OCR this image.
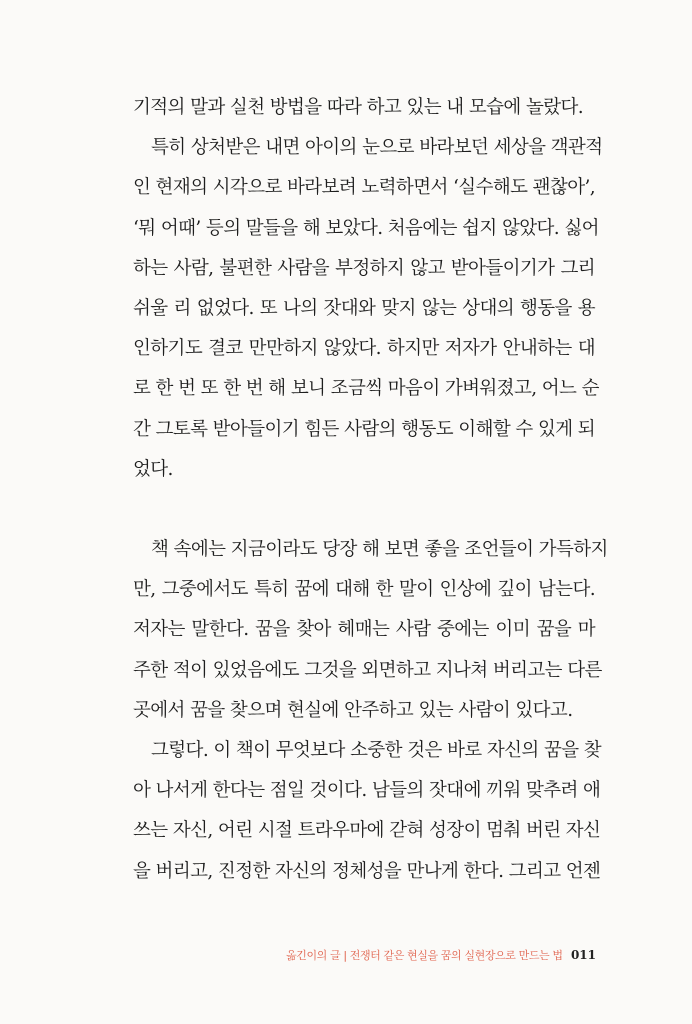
기적의 말과 실천 방법을 따라 하고 있는 내 모습에 놀랐다.
특히 상처받은 내면 아이의 눈으로 바라보던 세상을 객관적
인 현재의 시각으로 바라보려 노력하면서 ‘실수해도 괜찮아’,
‘뭐 어때’ 등의 말들을 해 보았다. 처음에는 쉽지 않았다. 싫어
하는 사람, 불편한 사람을 부정하지 않고 받아들이기가 그리
쉬울 리 없었다. 또 나의 잣대와 맞지 않는 상대의 행동을 용
인하기도 결코 만만하지 않았다. 하지만 저자가 안내하는 대
로 한 번 또 한 번 해 보니 조금씩 마음이 가벼워졌고, 어느 순
간 그토록 받아들이기 힘든 사람의 행동도 이해할 수 있게 되
었다.
책 속에는 지금이라도 당장 해 보면 좋을 조언들이 가득하지
만, 그중에서도 특히 꿈에 대해 한 말이 인상에 깊이 남는다.
저자는 말한다. 꿈을 찾아 헤매는 사람 중에는 이미 꿈을 마
주한 적이 있었음에도 그것을 외면하고 지나쳐 버리고는 다른
곳에서 꿈을 찾으며 현실에 안주하고 있는 사람이 있다고.
그렇다. 이 책이 무엇보다 소중한 것은 바로 자신의 꿈을 찾
아 나서게 한다는 점일 것이다. 남들의 잣대에 끼워 맞추려 애
쓰는 자신, 어린 시절 트라우마에 갇혀 성장이 멈춰 버린 자신
을 버리고, 진정한 자신의 정체성을 만나게 한다. 그리고 언젠
옮긴이의 글 | 전쟁터 같은 현실을 꿈의 실현장으로 만드는 법 011
